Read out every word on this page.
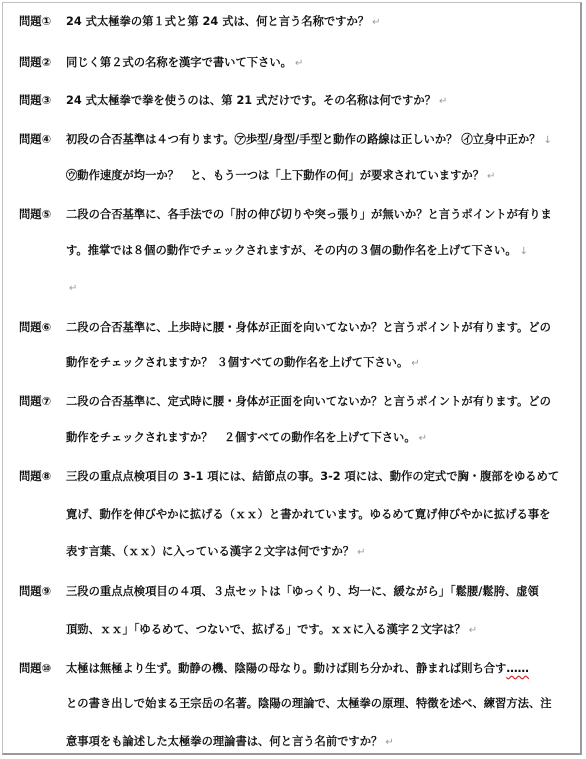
問題① 24 式太極拳の第１式と第 24 式は、何と言う名称ですか？ ↵
問題② 同じく第２式の名称を漢字で書いて下さい。 ↵
問題③ 24 式太極拳で拳を使うのは、第 21 式だけです。その名称は何ですか？ ↵
問題④ 初段の合否基準は４つ有ります。㋐歩型/身型/手型と動作の路線は正しいか？ ㋑立身中正か？ ↓
㋒動作速度が均一か？　と、もう一つは「上下動作の何」が要求されていますか？ ↵
問題⑤ 二段の合否基準に、各手法での「肘の伸び切りや突っ張り」が無いか？と言うポイントが有りま
す。推掌では８個の動作でチェックされますが、その内の３個の動作名を上げて下さい。 ↓
↵
問題⑥ 二段の合否基準に、上歩時に腰・身体が正面を向いてないか？と言うポイントが有ります。どの
動作をチェックされますか？ ３個すべての動作名を上げて下さい。 ↵
問題⑦ 二段の合否基準に、定式時に腰・身体が正面を向いてないか？と言うポイントが有ります。どの
動作をチェックされますか？　２個すべての動作名を上げて下さい。 ↵
問題⑧ 三段の重点点検項目の 3-1 項には、結節点の事。3-2 項には、動作の定式で胸・腹部をゆるめて
寛げ、動作を伸びやかに拡げる（ｘｘ）と書かれています。ゆるめて寛げ伸びやかに拡げる事を
表す言葉、（ｘｘ）に入っている漢字２文字は何ですか？ ↵
問題⑨ 三段の重点点検項目の４項、３点セットは「ゆっくり、均一に、緩ながら」「鬆腰/鬆胯、虚領
頂勁、ｘｘ」「ゆるめて、つないで、拡げる」です。ｘｘに入る漢字２文字は？ ↵
問題⑩ 太極は無極より生ず。動静の機、陰陽の母なり。動けば則ち分かれ、静まれば則ち合す……
との書き出しで始まる王宗岳の名著。陰陽の理論で、太極拳の原理、特徴を述べ、練習方法、注
意事項をも論述した太極拳の理論書は、何と言う名前ですか？ ↵
